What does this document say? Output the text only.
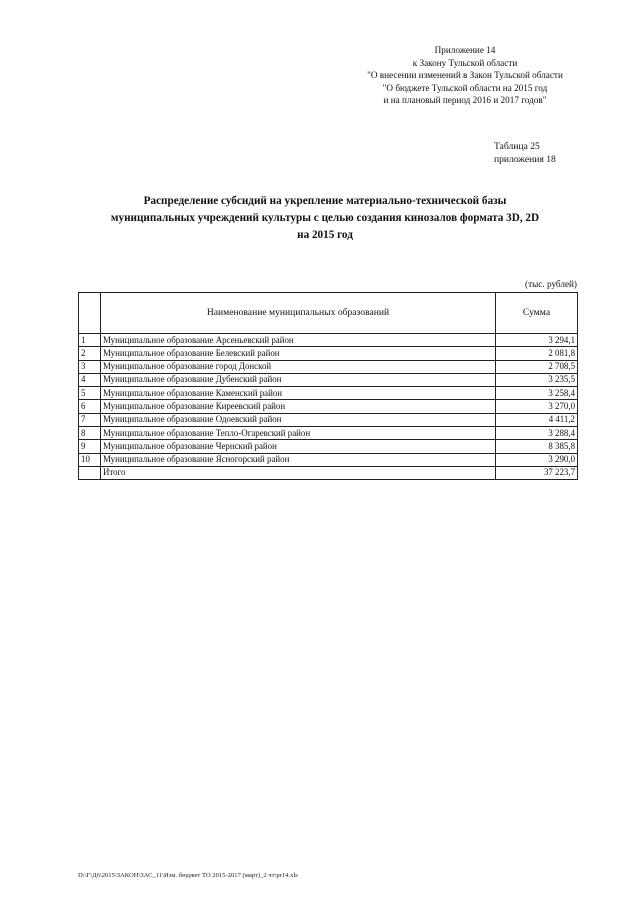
Приложение 14
к Закону Тульской области
"О внесении изменений в Закон Тульской области
"О бюджете Тульской области на 2015 год
и на плановый период 2016 и 2017 годов"
Таблица 25
приложения 18
Распределение субсидий на укрепление материально-технической базы
муниципальных учреждений культуры с целью создания кинозалов формата 3D, 2D
на 2015 год
(тыс. рублей)
	Наименование муниципальных образований	Сумма
1	Муниципальное образование Арсеньевский район	3 294,1
2	Муниципальное образование Белевский район	2 081,8
3	Муниципальное образование город Донской	2 708,5
4	Муниципальное образование Дубенский район	3 235,5
5	Муниципальное образование Каменский район	3 258,4
6	Муниципальное образование Киреевский район	3 270,0
7	Муниципальное образование Одоевский район	4 411,2
8	Муниципальное образование Тепло-Огаревский район	3 288,4
9	Муниципальное образование Чернский район	8 385,8
10	Муниципальное образование Ясногорский район	3 290,0
	Итого	37 223,7
D:\Г\Д6\2015\ЗАКОН\ЗАС_11\Изм. бюджет ТО 2015-2017 (март)_2 чт\pr14.xls
